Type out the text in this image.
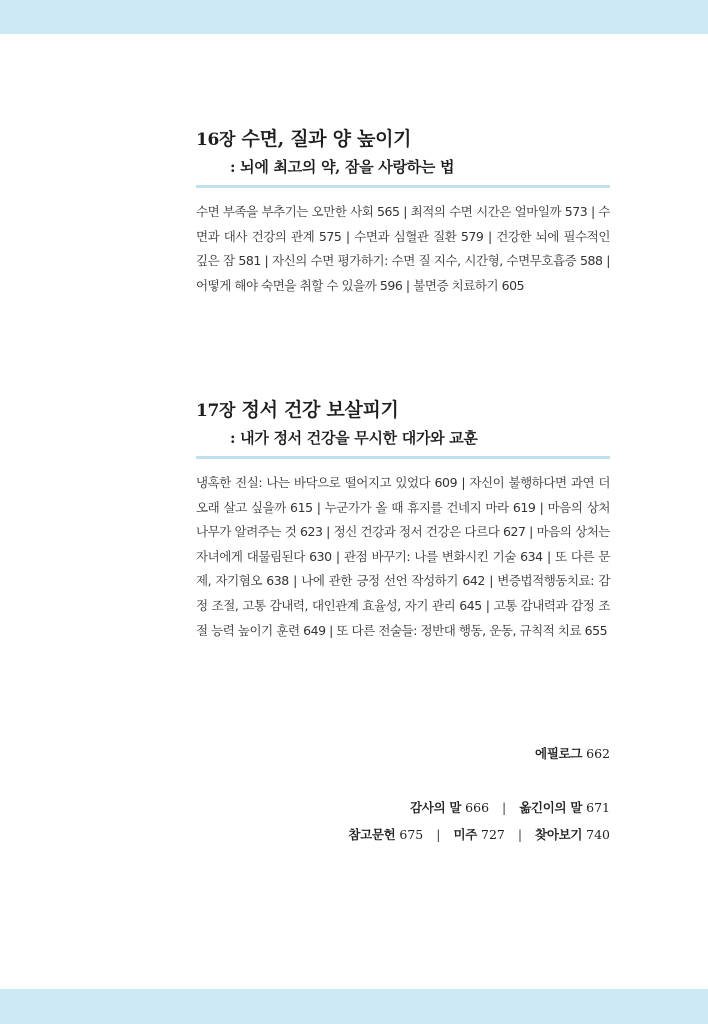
16장 수면, 질과 양 높이기
: 뇌에 최고의 약, 잠을 사랑하는 법
수면 부족을 부추기는 오만한 사회 565 | 최적의 수면 시간은 얼마일까 573 | 수면과 대사 건강의 관계 575 | 수면과 심혈관 질환 579 | 건강한 뇌에 필수적인 깊은 잠 581 | 자신의 수면 평가하기: 수면 질 지수, 시간형, 수면무호흡증 588 | 어떻게 해야 숙면을 취할 수 있을까 596 | 불면증 치료하기 605
17장 정서 건강 보살피기
: 내가 정서 건강을 무시한 대가와 교훈
냉혹한 진실: 나는 바닥으로 떨어지고 있었다 609 | 자신이 불행하다면 과연 더 오래 살고 싶을까 615 | 누군가가 올 때 휴지를 건네지 마라 619 | 마음의 상처 나무가 알려주는 것 623 | 정신 건강과 정서 건강은 다르다 627 | 마음의 상처는 자녀에게 대물림된다 630 | 관점 바꾸기: 나를 변화시킨 기술 634 | 또 다른 문제, 자기혐오 638 | 나에 관한 긍정 선언 작성하기 642 | 변증법적행동치료: 감정 조절, 고통 감내력, 대인관계 효율성, 자기 관리 645 | 고통 감내력과 감정 조절 능력 높이기 훈련 649 | 또 다른 전술들: 정반대 행동, 운동, 규칙적 치료 655
에필로그 662
감사의 말 666 | 옮긴이의 말 671
참고문헌 675 | 미주 727 | 찾아보기 740
